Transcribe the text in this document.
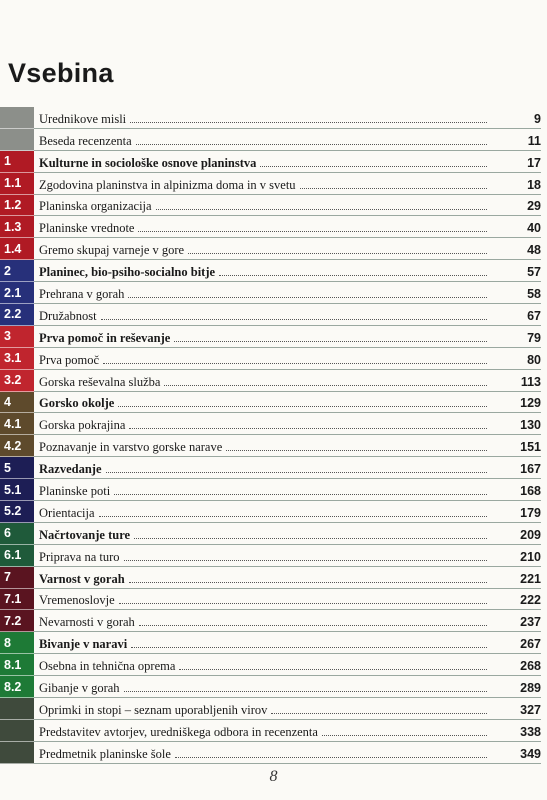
Vsebina
Urednikove misli	9
Beseda recenzenta	11
1	Kulturne in sociološke osnove planinstva	17
1.1	Zgodovina planinstva in alpinizma doma in v svetu	18
1.2	Planinska organizacija	29
1.3	Planinske vrednote	40
1.4	Gremo skupaj varneje v gore	48
2	Planinec, bio-psiho-socialno bitje	57
2.1	Prehrana v gorah	58
2.2	Družabnost	67
3	Prva pomoč in reševanje	79
3.1	Prva pomoč	80
3.2	Gorska reševalna služba	113
4	Gorsko okolje	129
4.1	Gorska pokrajina	130
4.2	Poznavanje in varstvo gorske narave	151
5	Razvedanje	167
5.1	Planinske poti	168
5.2	Orientacija	179
6	Načrtovanje ture	209
6.1	Priprava na turo	210
7	Varnost v gorah	221
7.1	Vremenoslovje	222
7.2	Nevarnosti v gorah	237
8	Bivanje v naravi	267
8.1	Osebna in tehnična oprema	268
8.2	Gibanje v gorah	289
Oprimki in stopi – seznam uporabljenih virov	327
Predstavitev avtorjev, uredniškega odbora in recenzenta	338
Predmetnik planinske šole	349
8
